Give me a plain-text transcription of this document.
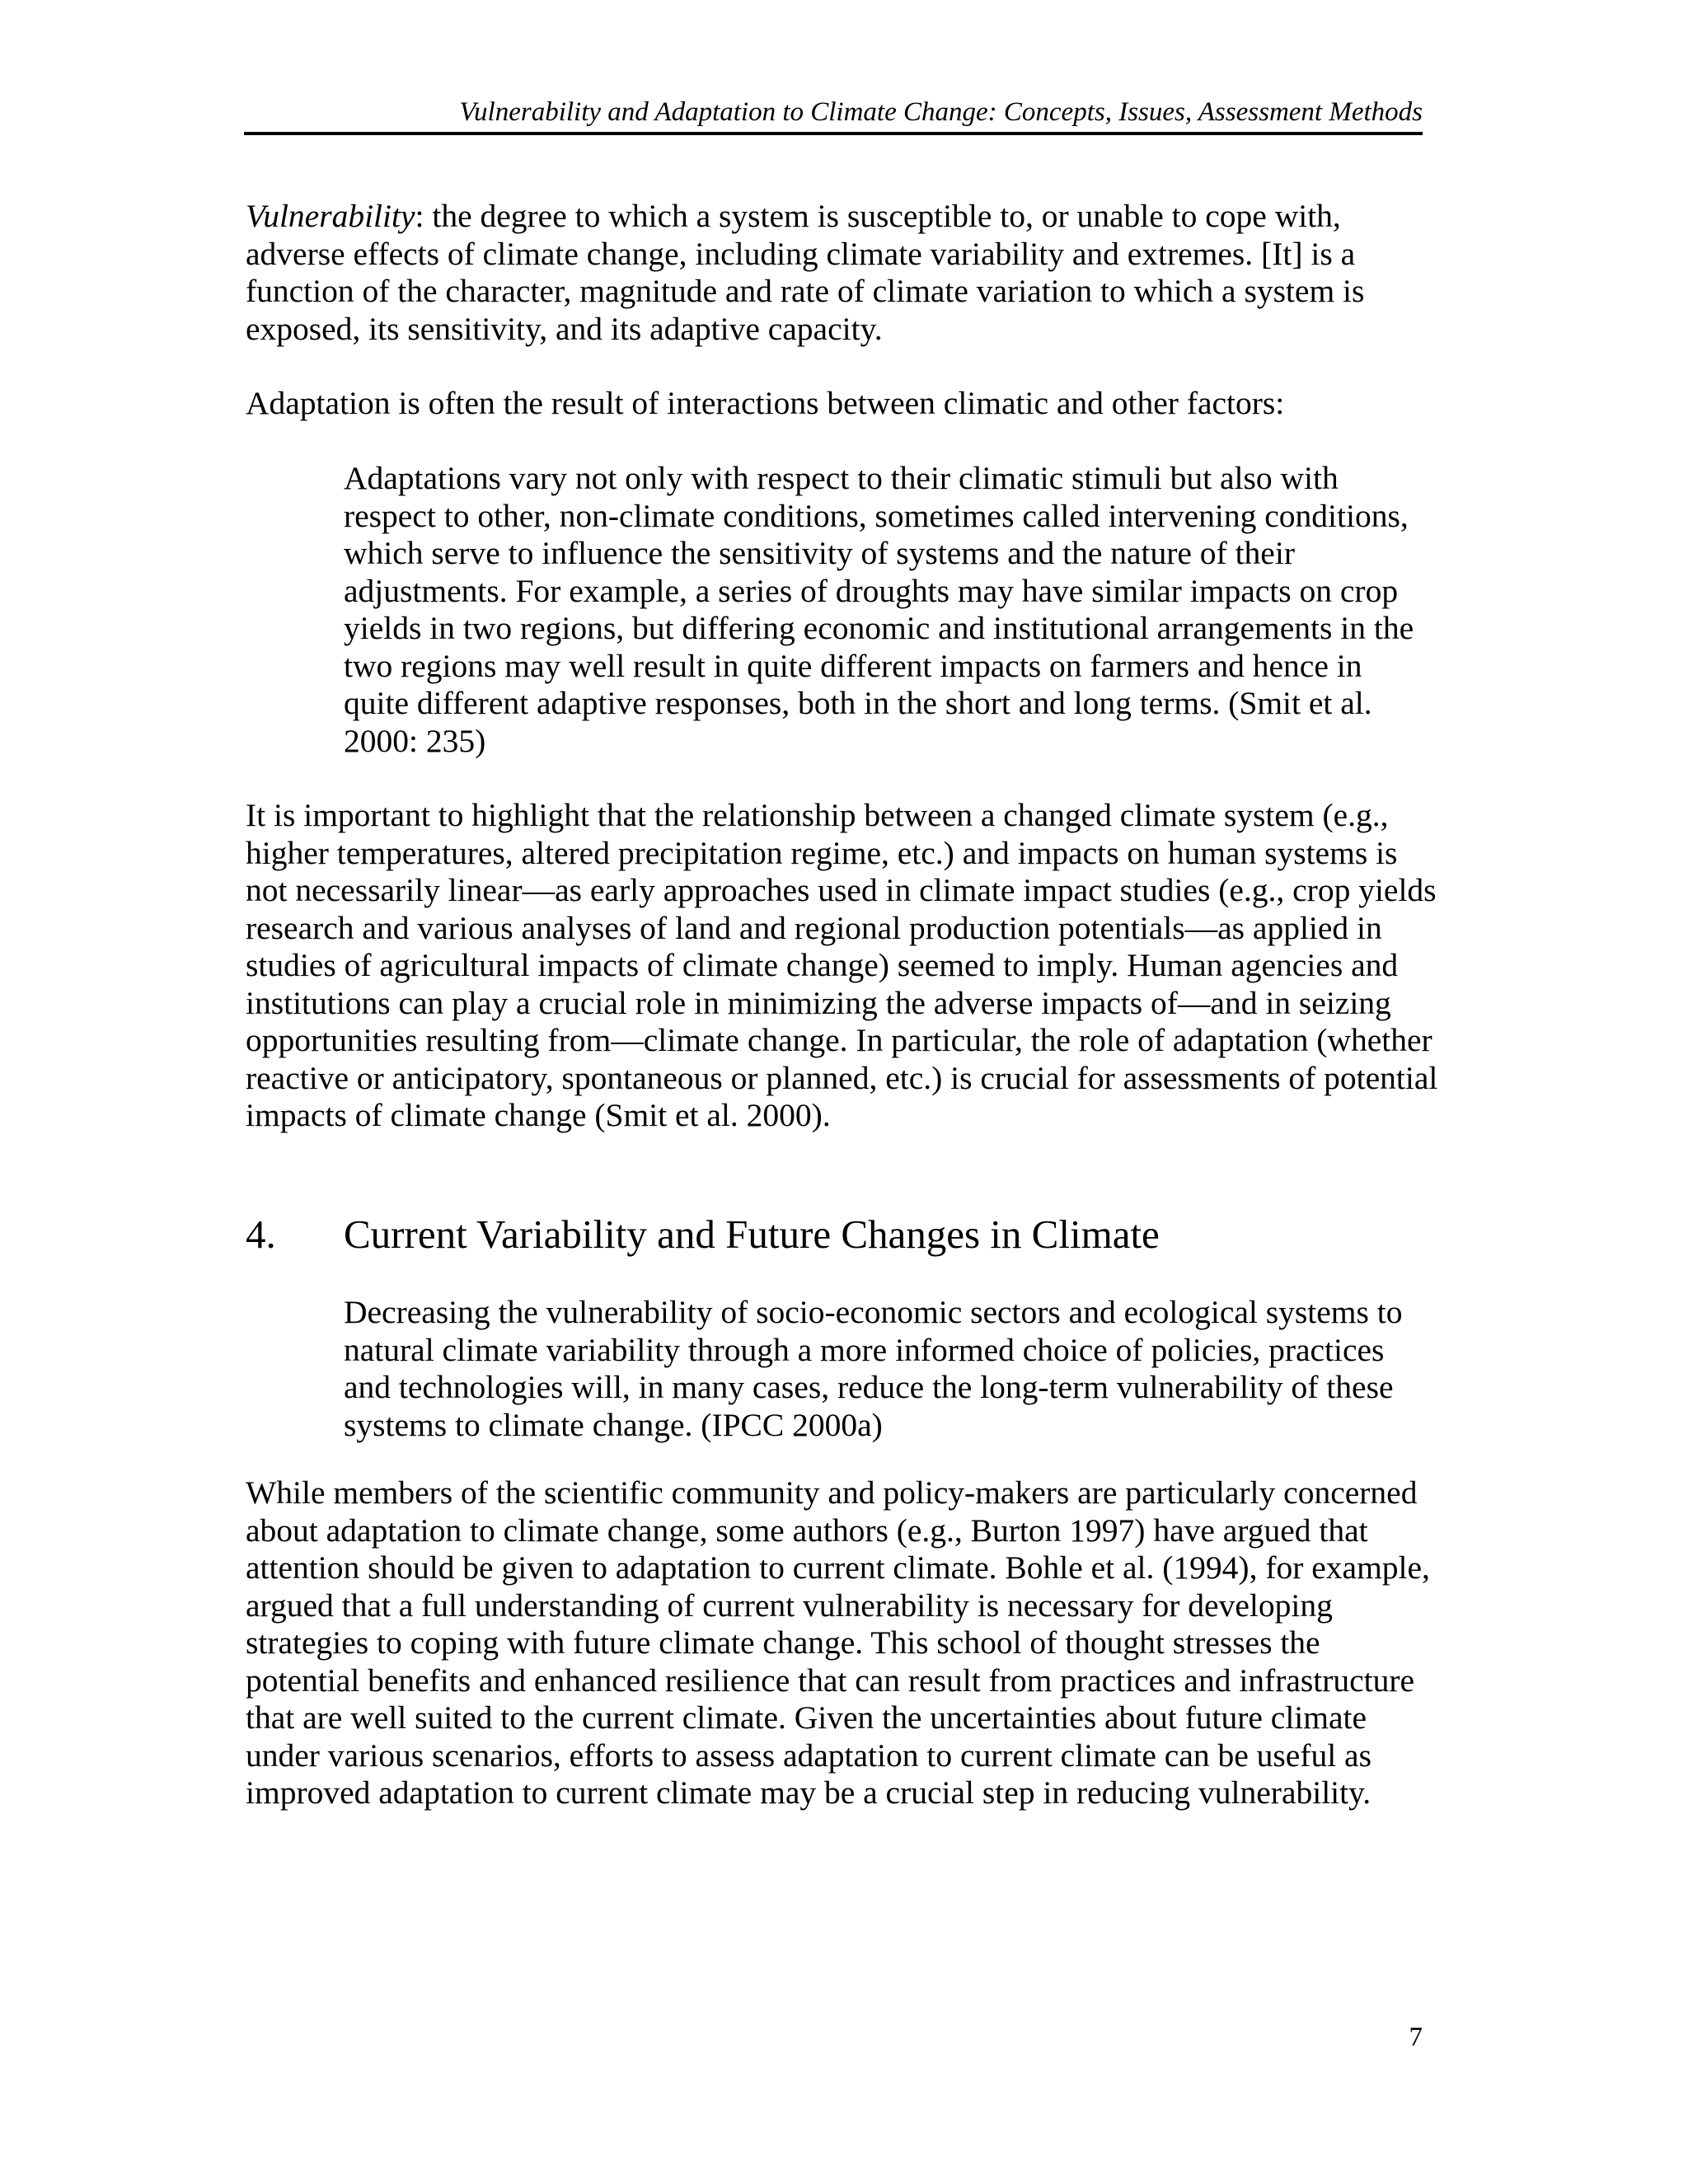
Vulnerability and Adaptation to Climate Change: Concepts, Issues, Assessment Methods

Vulnerability: the degree to which a system is susceptible to, or unable to cope with, adverse effects of climate change, including climate variability and extremes. [It] is a function of the character, magnitude and rate of climate variation to which a system is exposed, its sensitivity, and its adaptive capacity.

Adaptation is often the result of interactions between climatic and other factors:

Adaptations vary not only with respect to their climatic stimuli but also with respect to other, non-climate conditions, sometimes called intervening conditions, which serve to influence the sensitivity of systems and the nature of their adjustments. For example, a series of droughts may have similar impacts on crop yields in two regions, but differing economic and institutional arrangements in the two regions may well result in quite different impacts on farmers and hence in quite different adaptive responses, both in the short and long terms. (Smit et al. 2000: 235)

It is important to highlight that the relationship between a changed climate system (e.g., higher temperatures, altered precipitation regime, etc.) and impacts on human systems is not necessarily linear—as early approaches used in climate impact studies (e.g., crop yields research and various analyses of land and regional production potentials—as applied in studies of agricultural impacts of climate change) seemed to imply. Human agencies and institutions can play a crucial role in minimizing the adverse impacts of—and in seizing opportunities resulting from—climate change. In particular, the role of adaptation (whether reactive or anticipatory, spontaneous or planned, etc.) is crucial for assessments of potential impacts of climate change (Smit et al. 2000).

4. Current Variability and Future Changes in Climate

Decreasing the vulnerability of socio-economic sectors and ecological systems to natural climate variability through a more informed choice of policies, practices and technologies will, in many cases, reduce the long-term vulnerability of these systems to climate change. (IPCC 2000a)

While members of the scientific community and policy-makers are particularly concerned about adaptation to climate change, some authors (e.g., Burton 1997) have argued that attention should be given to adaptation to current climate. Bohle et al. (1994), for example, argued that a full understanding of current vulnerability is necessary for developing strategies to coping with future climate change. This school of thought stresses the potential benefits and enhanced resilience that can result from practices and infrastructure that are well suited to the current climate. Given the uncertainties about future climate under various scenarios, efforts to assess adaptation to current climate can be useful as improved adaptation to current climate may be a crucial step in reducing vulnerability.

7
